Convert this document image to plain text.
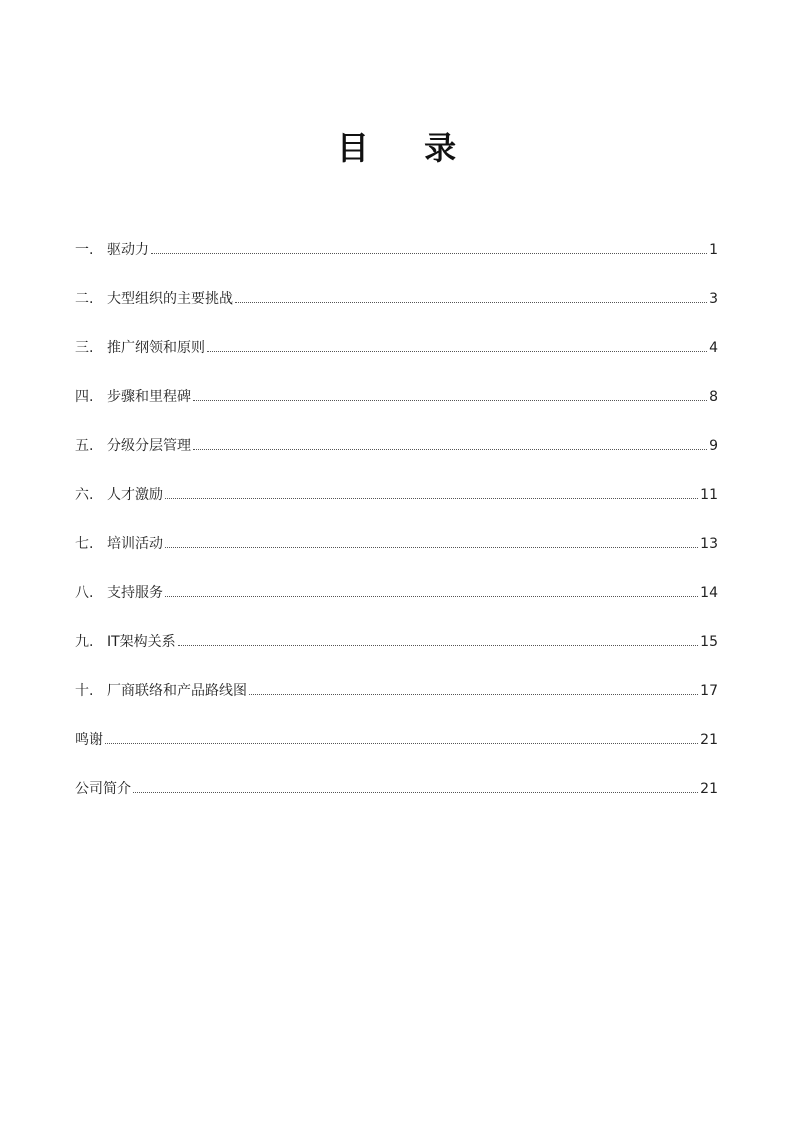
目 录
一. 驱动力	1
二. 大型组织的主要挑战	3
三. 推广纲领和原则	4
四. 步骤和里程碑	8
五. 分级分层管理	9
六. 人才激励	11
七. 培训活动	13
八. 支持服务	14
九. IT架构关系	15
十. 厂商联络和产品路线图	17
鸣谢	21
公司简介	21
